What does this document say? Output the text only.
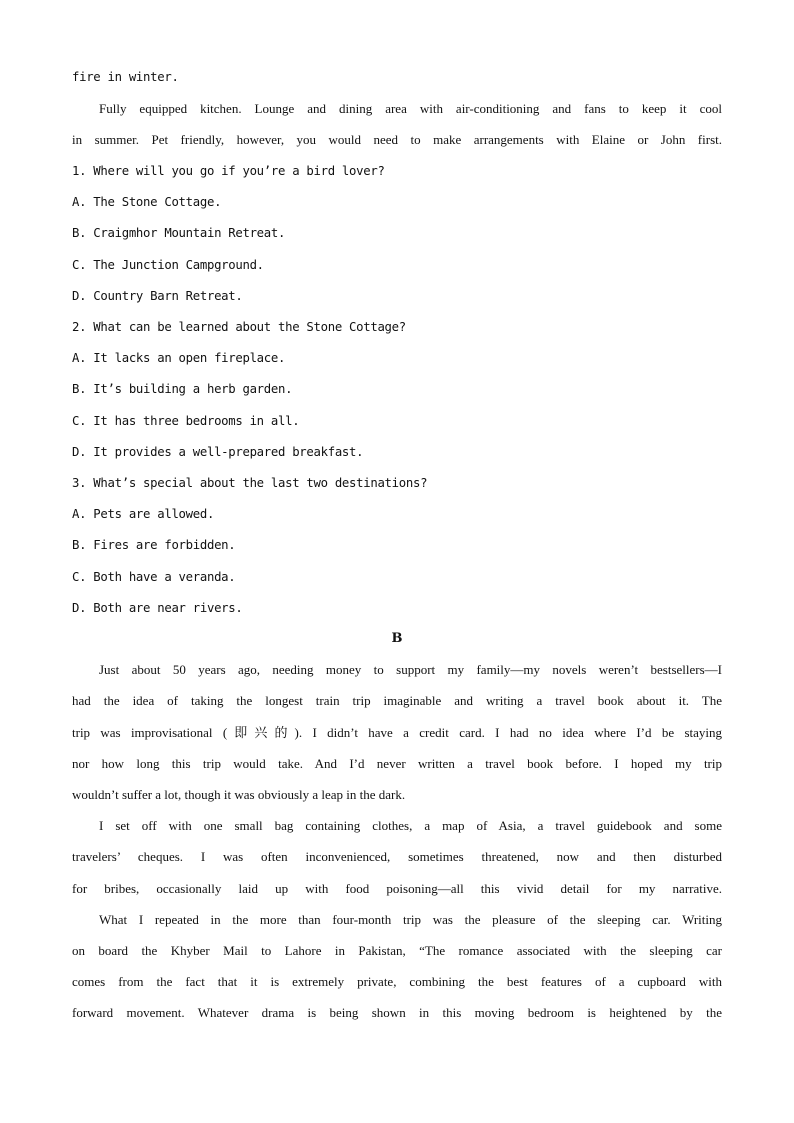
fire in winter.
Fully equipped kitchen. Lounge and dining area with air-conditioning and fans to keep it cool
in summer. Pet friendly, however, you would need to make arrangements with Elaine or John first.
1. Where will you go if you’re a bird lover?
A. The Stone Cottage.
B. Craigmhor Mountain Retreat.
C. The Junction Campground.
D. Country Barn Retreat.
2. What can be learned about the Stone Cottage?
A. It lacks an open fireplace.
B. It’s building a herb garden.
C. It has three bedrooms in all.
D. It provides a well-prepared breakfast.
3. What’s special about the last two destinations?
A. Pets are allowed.
B. Fires are forbidden.
C. Both have a veranda.
D. Both are near rivers.
B
Just about 50 years ago, needing money to support my family—my novels weren’t bestsellers—I
had the idea of taking the longest train trip imaginable and writing a travel book about it. The
trip was improvisational (即兴的). I didn’t have a credit card. I had no idea where I’d be staying
nor how long this trip would take. And I’d never written a travel book before. I hoped my trip
wouldn’t suffer a lot, though it was obviously a leap in the dark.
I set off with one small bag containing clothes, a map of Asia, a travel guidebook and some
travelers’ cheques. I was often inconvenienced, sometimes threatened, now and then disturbed
for bribes, occasionally laid up with food poisoning—all this vivid detail for my narrative.
What I repeated in the more than four-month trip was the pleasure of the sleeping car. Writing
on board the Khyber Mail to Lahore in Pakistan, “The romance associated with the sleeping car
comes from the fact that it is extremely private, combining the best features of a cupboard with
forward movement. Whatever drama is being shown in this moving bedroom is heightened by the
